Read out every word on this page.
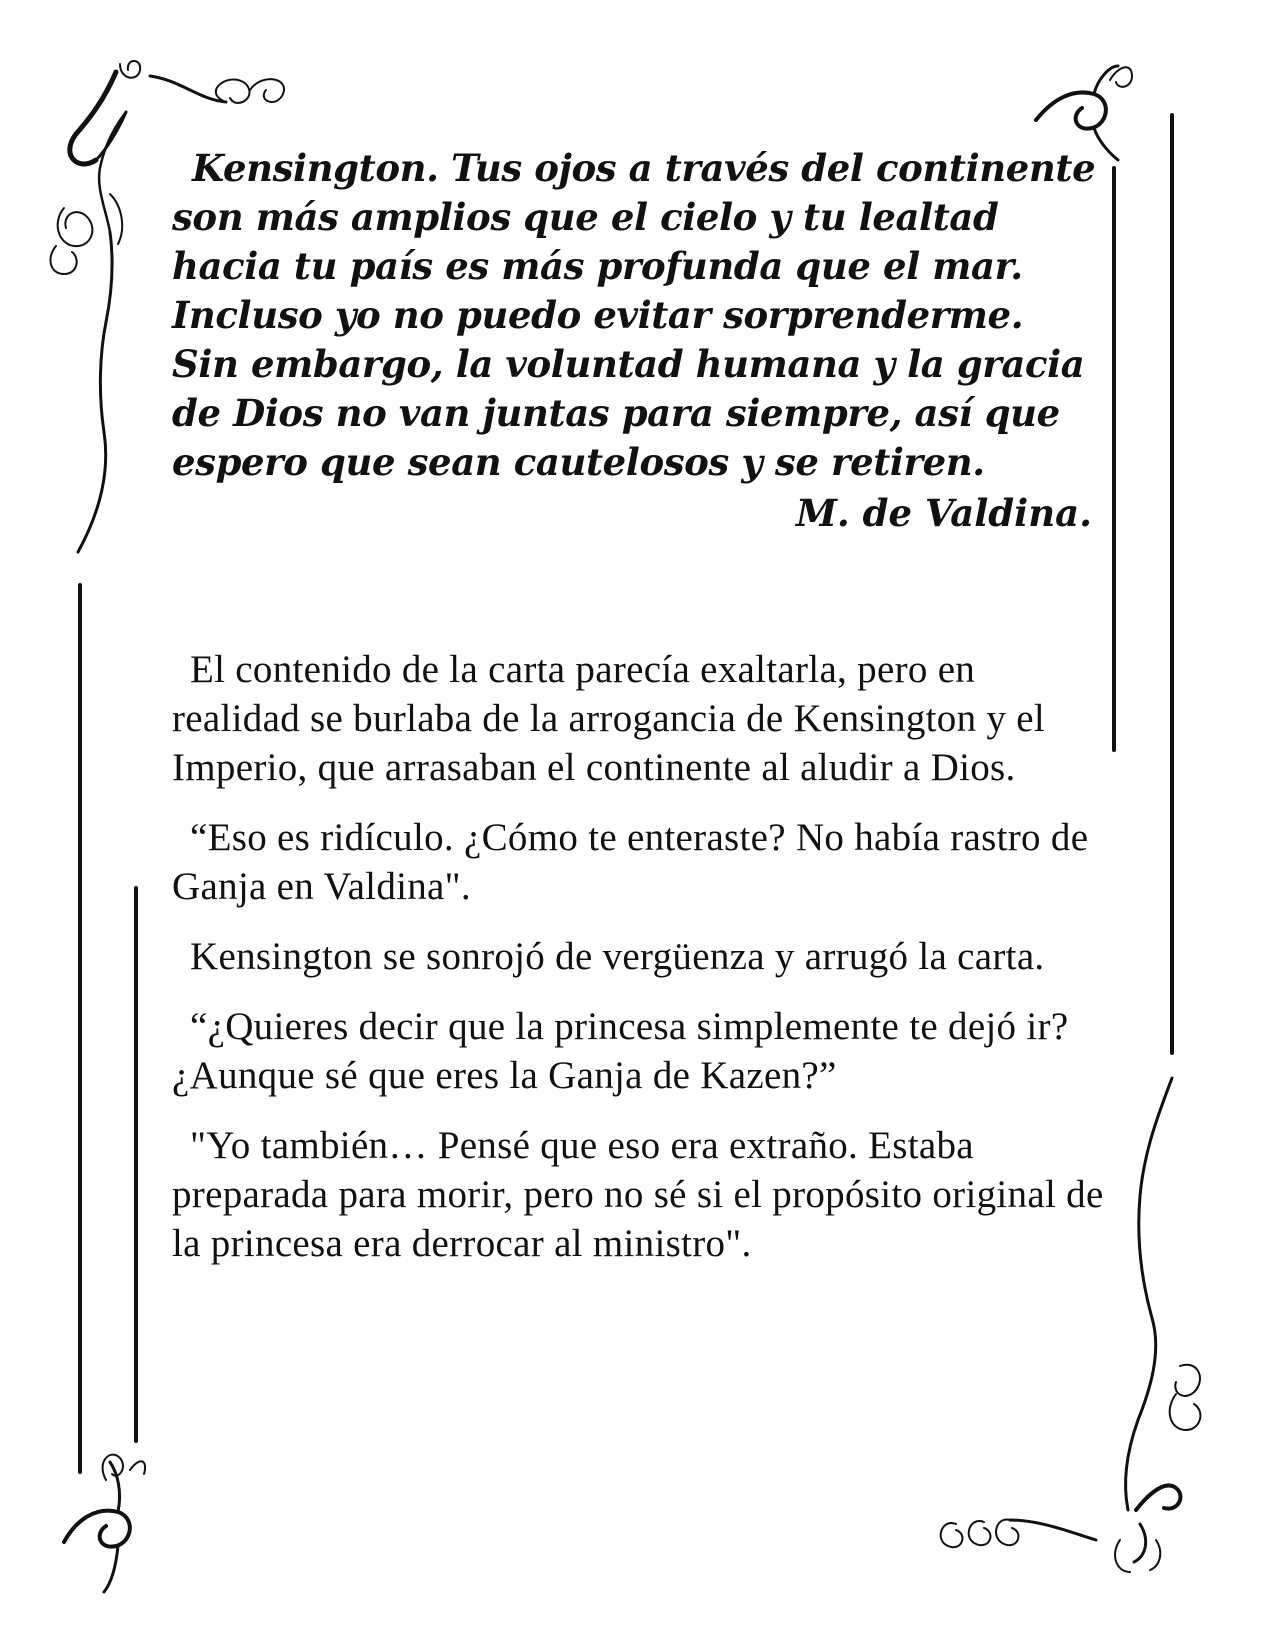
Kensington. Tus ojos a través del continente son más amplios que el cielo y tu lealtad hacia tu país es más profunda que el mar. Incluso yo no puedo evitar sorprenderme. Sin embargo, la voluntad humana y la gracia de Dios no van juntas para siempre, así que espero que sean cautelosos y se retiren.

M. de Valdina.

El contenido de la carta parecía exaltarla, pero en realidad se burlaba de la arrogancia de Kensington y el Imperio, que arrasaban el continente al aludir a Dios.

“Eso es ridículo. ¿Cómo te enteraste? No había rastro de Ganja en Valdina".

Kensington se sonrojó de vergüenza y arrugó la carta.

“¿Quieres decir que la princesa simplemente te dejó ir? ¿Aunque sé que eres la Ganja de Kazen?”

"Yo también… Pensé que eso era extraño. Estaba preparada para morir, pero no sé si el propósito original de la princesa era derrocar al ministro".
